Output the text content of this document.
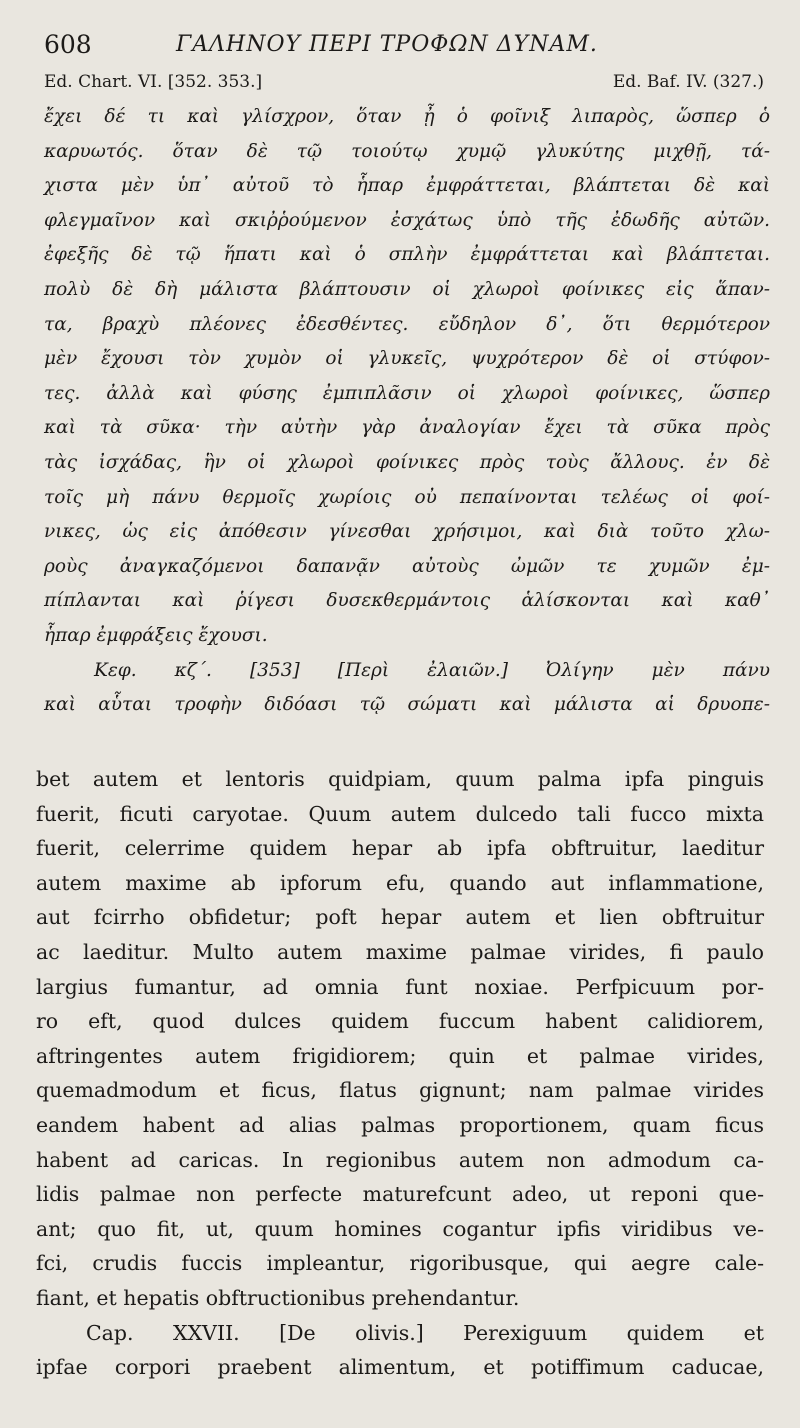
608	ΓΑΛΗΝΟΥ ΠΕΡΙ ΤΡΟΦΩΝ ΔΥΝΑΜ.
Ed. Chart. VI. [352. 353.]	Ed. Baf. IV. (327.)
ἔχει δέ τι καὶ γλίσχρον, ὅταν ᾖ ὁ φοῖνιξ λιπαρὸς, ὥσπερ ὁ
καρυωτός. ὅταν δὲ τῷ τοιούτῳ χυμῷ γλυκύτης μιχθῇ, τά-
χιστα μὲν ὑπ᾽ αὐτοῦ τὸ ἧπαρ ἐμφράττεται, βλάπτεται δὲ καὶ
φλεγμαῖνον καὶ σκιῤῥούμενον ἐσχάτως ὑπὸ τῆς ἐδωδῆς αὐτῶν.
ἐφεξῆς δὲ τῷ ἥπατι καὶ ὁ σπλὴν ἐμφράττεται καὶ βλάπτεται.
πολὺ δὲ δὴ μάλιστα βλάπτουσιν οἱ χλωροὶ φοίνικες εἰς ἅπαν-
τα, βραχὺ πλέονες ἐδεσθέντες. εὔδηλον δ᾽, ὅτι θερμότερον
μὲν ἔχουσι τὸν χυμὸν οἱ γλυκεῖς, ψυχρότερον δὲ οἱ στύφον-
τες. ἀλλὰ καὶ φύσης ἐμπιπλᾶσιν οἱ χλωροὶ φοίνικες, ὥσπερ
καὶ τὰ σῦκα· τὴν αὐτὴν γὰρ ἀναλογίαν ἔχει τὰ σῦκα πρὸς
τὰς ἰσχάδας, ἣν οἱ χλωροὶ φοίνικες πρὸς τοὺς ἄλλους. ἐν δὲ
τοῖς μὴ πάνυ θερμοῖς χωρίοις οὐ πεπαίνονται τελέως οἱ φοί-
νικες, ὡς εἰς ἀπόθεσιν γίνεσθαι χρήσιμοι, καὶ διὰ τοῦτο χλω-
ροὺς ἀναγκαζόμενοι δαπανᾷν αὐτοὺς ὠμῶν τε χυμῶν ἐμ-
πίπλανται καὶ ῥίγεσι δυσεκθερμάντοις ἁλίσκονται καὶ καθ᾽
ἧπαρ ἐμφράξεις ἔχουσι.
Κεφ. κζ΄. [353] [Περὶ ἐλαιῶν.] Ὀλίγην μὲν πάνυ
καὶ αὗται τροφὴν διδόασι τῷ σώματι καὶ μάλιστα αἱ δρυοπε-
bet autem et lentoris quidpiam, quum palma ipfa pinguis
fuerit, ficuti caryotae. Quum autem dulcedo tali fucco mixta
fuerit, celerrime quidem hepar ab ipfa obftruitur, laeditur
autem maxime ab ipforum efu, quando aut inflammatione,
aut fcirrho obfidetur; poft hepar autem et lien obftruitur
ac laeditur. Multo autem maxime palmae virides, fi paulo
largius fumantur, ad omnia funt noxiae. Perfpicuum por-
ro eft, quod dulces quidem fuccum habent calidiorem,
aftringentes autem frigidiorem; quin et palmae virides,
quemadmodum et ficus, flatus gignunt; nam palmae virides
eandem habent ad alias palmas proportionem, quam ficus
habent ad caricas. In regionibus autem non admodum ca-
lidis palmae non perfecte maturefcunt adeo, ut reponi que-
ant; quo fit, ut, quum homines cogantur ipfis viridibus ve-
fci, crudis fuccis impleantur, rigoribusque, qui aegre cale-
fiant, et hepatis obftructionibus prehendantur.
Cap. XXVII. [De olivis.] Perexiguum quidem et
ipfae corpori praebent alimentum, et potiffimum caducae,
